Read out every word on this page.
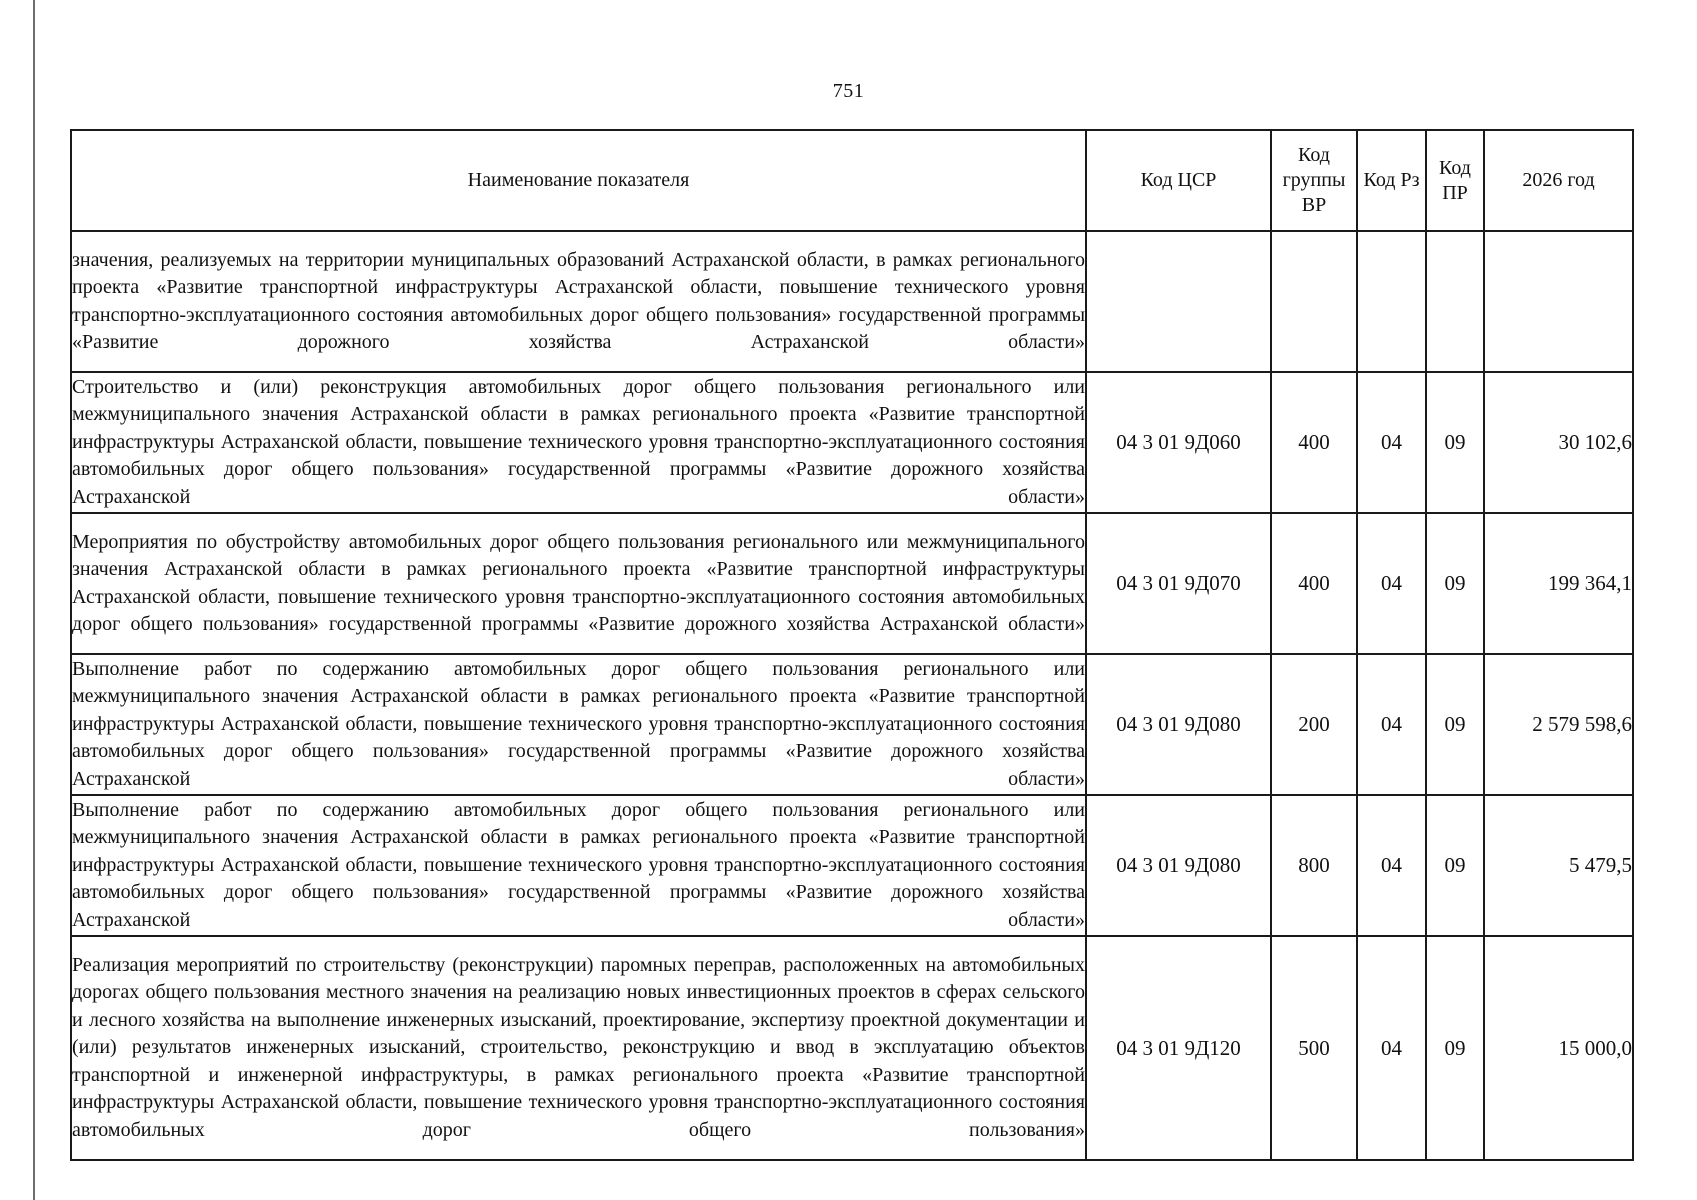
751
Наименование показателя	Код ЦСР	Код группы ВР	Код Рз	Код ПР	2026 год
значения, реализуемых на территории муниципальных образований Астраханской области, в рамках регионального проекта «Развитие транспортной инфраструктуры Астраханской области, повышение технического уровня транспортно-эксплуатационного состояния автомобильных дорог общего пользования» государственной программы «Развитие дорожного хозяйства Астраханской области»					
Строительство и (или) реконструкция автомобильных дорог общего пользования регионального или межмуниципального значения Астраханской области в рамках регионального проекта «Развитие транспортной инфраструктуры Астраханской области, повышение технического уровня транспортно-эксплуатационного состояния автомобильных дорог общего пользования» государственной программы «Развитие дорожного хозяйства Астраханской области»	04 3 01 9Д060	400	04	09	30 102,6
Мероприятия по обустройству автомобильных дорог общего пользования регионального или межмуниципального значения Астраханской области в рамках регионального проекта «Развитие транспортной инфраструктуры Астраханской области, повышение технического уровня транспортно-эксплуатационного состояния автомобильных дорог общего пользования» государственной программы «Развитие дорожного хозяйства Астраханской области»	04 3 01 9Д070	400	04	09	199 364,1
Выполнение работ по содержанию автомобильных дорог общего пользования регионального или межмуниципального значения Астраханской области в рамках регионального проекта «Развитие транспортной инфраструктуры Астраханской области, повышение технического уровня транспортно-эксплуатационного состояния автомобильных дорог общего пользования» государственной программы «Развитие дорожного хозяйства Астраханской области»	04 3 01 9Д080	200	04	09	2 579 598,6
Выполнение работ по содержанию автомобильных дорог общего пользования регионального или межмуниципального значения Астраханской области в рамках регионального проекта «Развитие транспортной инфраструктуры Астраханской области, повышение технического уровня транспортно-эксплуатационного состояния автомобильных дорог общего пользования» государственной программы «Развитие дорожного хозяйства Астраханской области»	04 3 01 9Д080	800	04	09	5 479,5
Реализация мероприятий по строительству (реконструкции) паромных переправ, расположенных на автомобильных дорогах общего пользования местного значения на реализацию новых инвестиционных проектов в сферах сельского и лесного хозяйства на выполнение инженерных изысканий, проектирование, экспертизу проектной документации и (или) результатов инженерных изысканий, строительство, реконструкцию и ввод в эксплуатацию объектов транспортной и инженерной инфраструктуры, в рамках регионального проекта «Развитие транспортной инфраструктуры Астраханской области, повышение технического уровня транспортно-эксплуатационного состояния автомобильных дорог общего пользования»	04 3 01 9Д120	500	04	09	15 000,0
